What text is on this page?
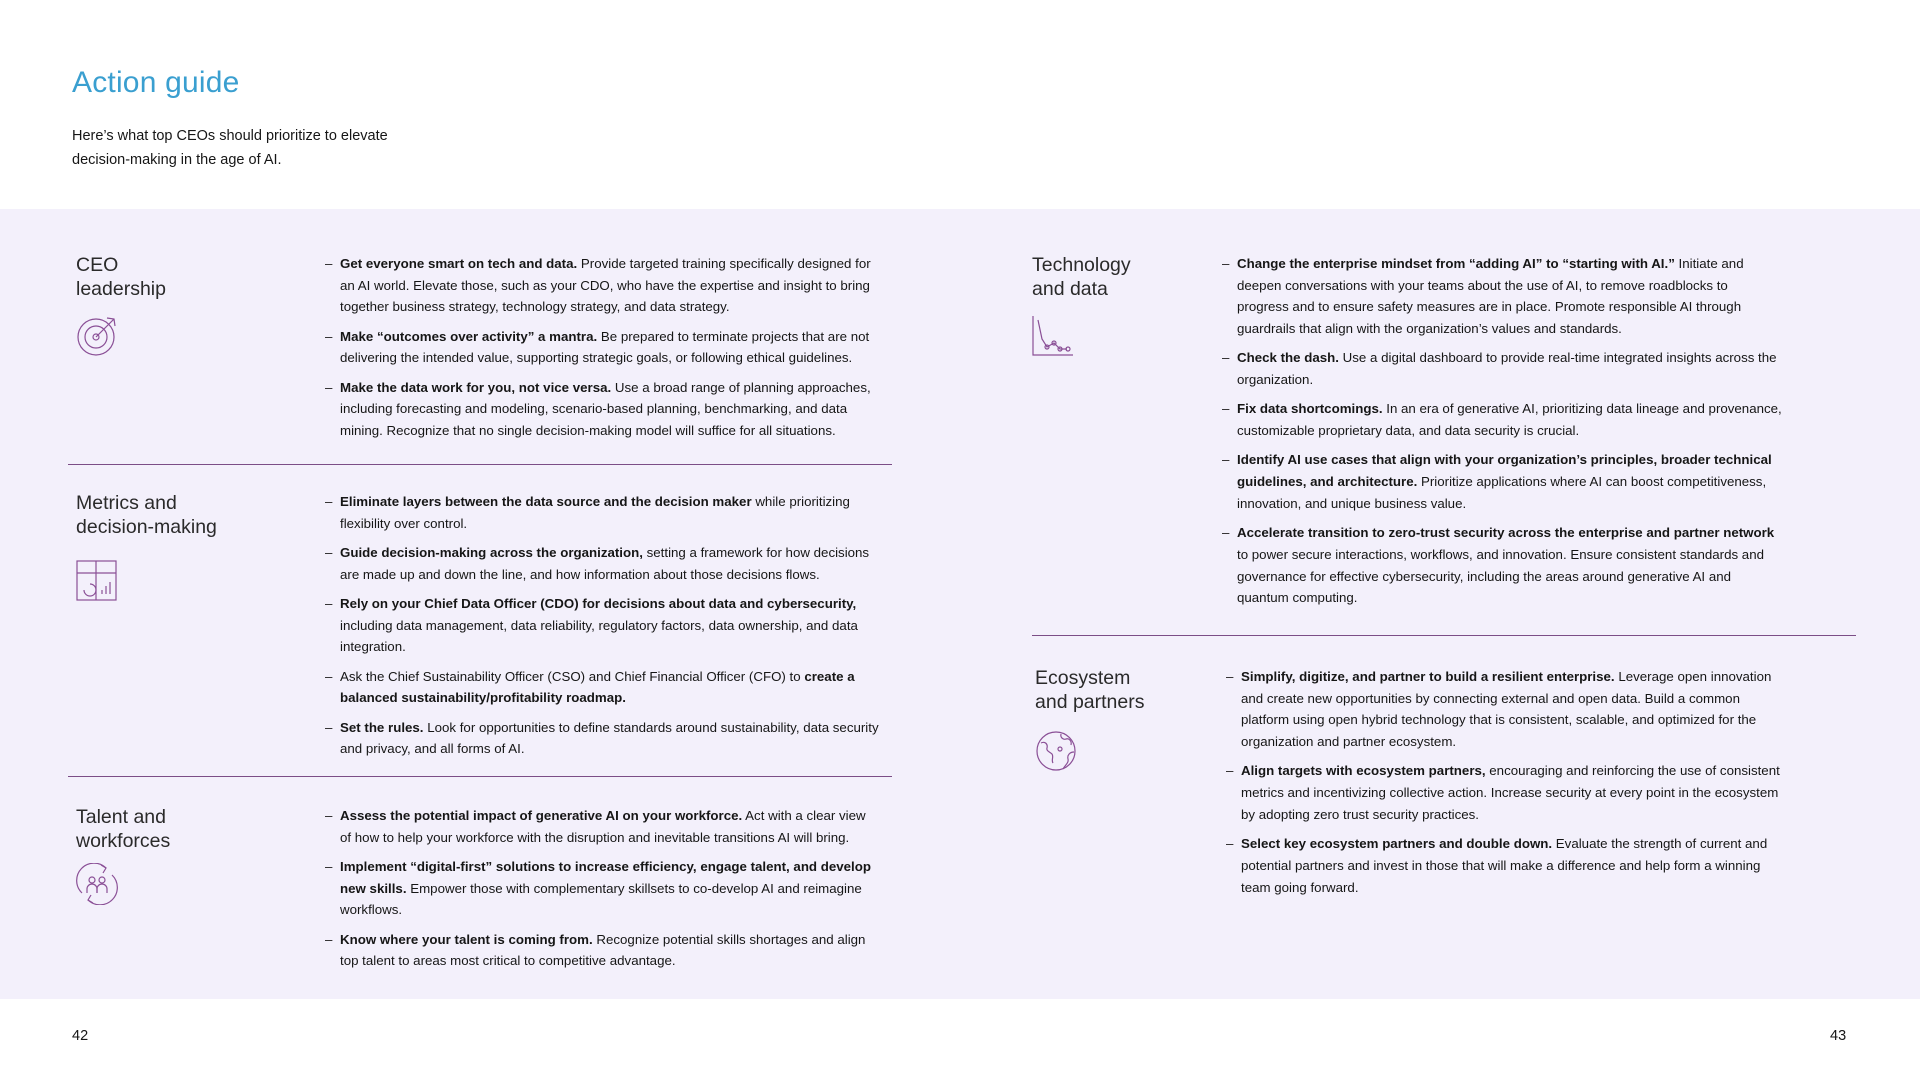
Action guide
Here’s what top CEOs should prioritize to elevate decision-making in the age of AI.
CEO
leadership
– Get everyone smart on tech and data. Provide targeted training specifically designed for an AI world. Elevate those, such as your CDO, who have the expertise and insight to bring together business strategy, technology strategy, and data strategy.
– Make “outcomes over activity” a mantra. Be prepared to terminate projects that are not delivering the intended value, supporting strategic goals, or following ethical guidelines.
– Make the data work for you, not vice versa. Use a broad range of planning approaches, including forecasting and modeling, scenario-based planning, benchmarking, and data mining. Recognize that no single decision-making model will suffice for all situations.
Metrics and
decision-making
– Eliminate layers between the data source and the decision maker while prioritizing flexibility over control.
– Guide decision-making across the organization, setting a framework for how decisions are made up and down the line, and how information about those decisions flows.
– Rely on your Chief Data Officer (CDO) for decisions about data and cybersecurity, including data management, data reliability, regulatory factors, data ownership, and data integration.
– Ask the Chief Sustainability Officer (CSO) and Chief Financial Officer (CFO) to create a balanced sustainability/profitability roadmap.
– Set the rules. Look for opportunities to define standards around sustainability, data security and privacy, and all forms of AI.
Talent and
workforces
– Assess the potential impact of generative AI on your workforce. Act with a clear view of how to help your workforce with the disruption and inevitable transitions AI will bring.
– Implement “digital-first” solutions to increase efficiency, engage talent, and develop new skills. Empower those with complementary skillsets to co-develop AI and reimagine workflows.
– Know where your talent is coming from. Recognize potential skills shortages and align top talent to areas most critical to competitive advantage.
Technology
and data
– Change the enterprise mindset from “adding AI” to “starting with AI.” Initiate and deepen conversations with your teams about the use of AI, to remove roadblocks to progress and to ensure safety measures are in place. Promote responsible AI through guardrails that align with the organization’s values and standards.
– Check the dash. Use a digital dashboard to provide real-time integrated insights across the organization.
– Fix data shortcomings. In an era of generative AI, prioritizing data lineage and provenance, customizable proprietary data, and data security is crucial.
– Identify AI use cases that align with your organization’s principles, broader technical guidelines, and architecture. Prioritize applications where AI can boost competitiveness, innovation, and unique business value.
– Accelerate transition to zero-trust security across the enterprise and partner network to power secure interactions, workflows, and innovation. Ensure consistent standards and governance for effective cybersecurity, including the areas around generative AI and quantum computing.
Ecosystem
and partners
– Simplify, digitize, and partner to build a resilient enterprise. Leverage open innovation and create new opportunities by connecting external and open data. Build a common platform using open hybrid technology that is consistent, scalable, and optimized for the organization and partner ecosystem.
– Align targets with ecosystem partners, encouraging and reinforcing the use of consistent metrics and incentivizing collective action. Increase security at every point in the ecosystem by adopting zero trust security practices.
– Select key ecosystem partners and double down. Evaluate the strength of current and potential partners and invest in those that will make a difference and help form a winning team going forward.
42	43
